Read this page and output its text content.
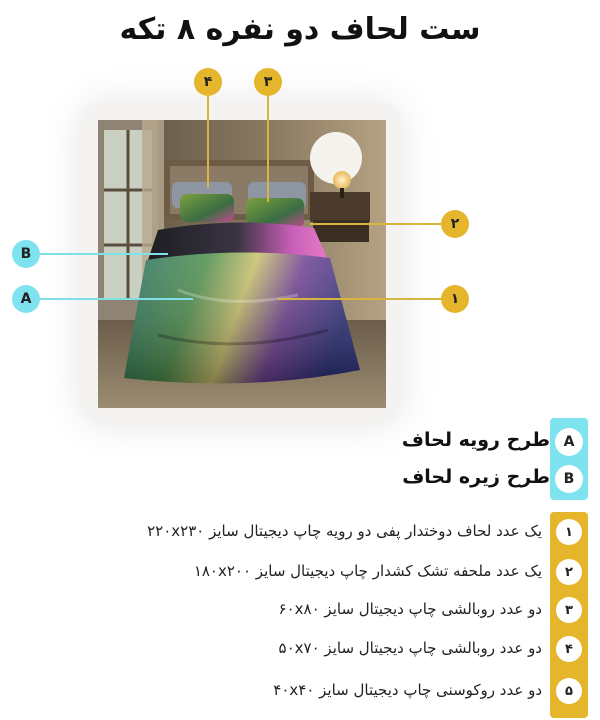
ست لحاف دو نفره ۸ تکه
۴	۳
۲
۱
B
A
A
B
طرح رویه لحاف
طرح زیره لحاف
۱
یک عدد لحاف دوختدار پفی دو رویه چاپ دیجیتال سایز ۲۲۰x۲۳۰
۲
یک عدد ملحفه تشک کشدار چاپ دیجیتال سایز ۱۸۰x۲۰۰
۳
دو عدد روبالشی چاپ دیجیتال سایز ۶۰x۸۰
۴
دو عدد روبالشی چاپ دیجیتال سایز ۵۰x۷۰
۵
دو عدد روکوسنی چاپ دیجیتال سایز ۴۰x۴۰
